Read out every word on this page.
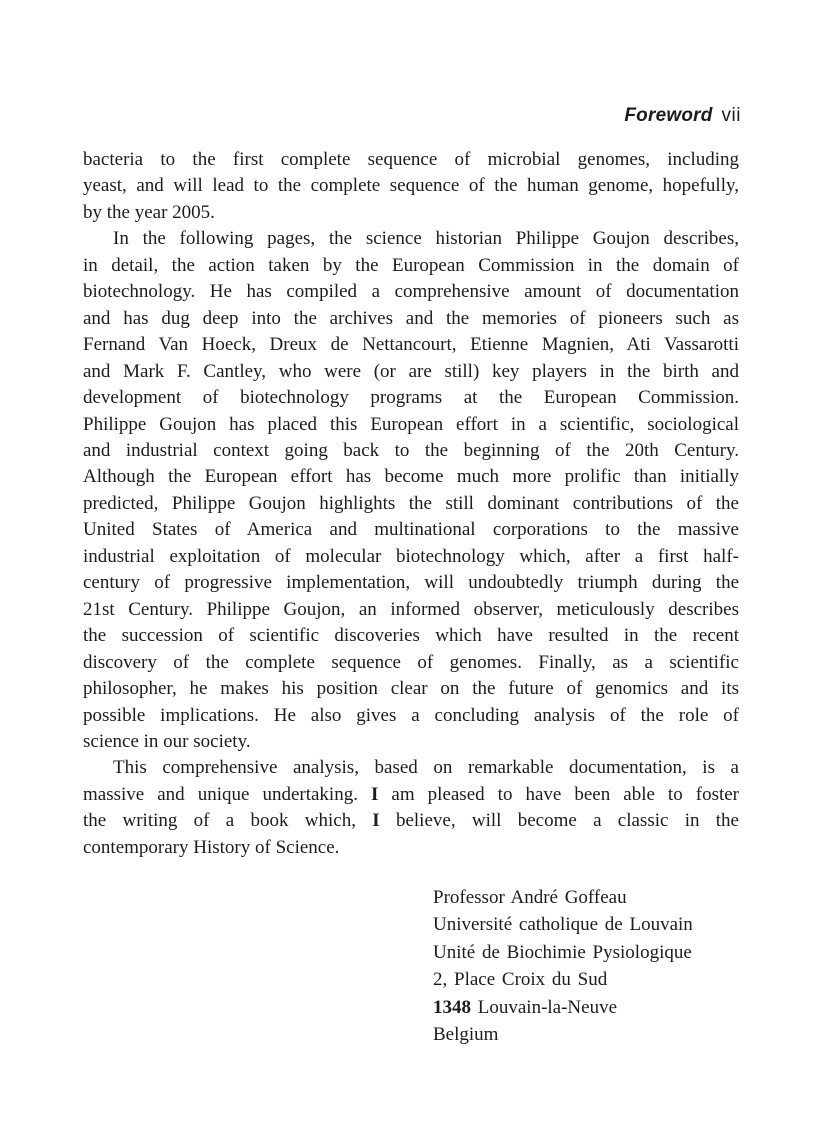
Foreword vii
bacteria to the first complete sequence of microbial genomes, including
yeast, and will lead to the complete sequence of the human genome, hopefully,
by the year 2005.
In the following pages, the science historian Philippe Goujon describes,
in detail, the action taken by the European Commission in the domain of
biotechnology. He has compiled a comprehensive amount of documentation
and has dug deep into the archives and the memories of pioneers such as
Fernand Van Hoeck, Dreux de Nettancourt, Etienne Magnien, Ati Vassarotti
and Mark F. Cantley, who were (or are still) key players in the birth and
development of biotechnology programs at the European Commission.
Philippe Goujon has placed this European effort in a scientific, sociological
and industrial context going back to the beginning of the 20th Century.
Although the European effort has become much more prolific than initially
predicted, Philippe Goujon highlights the still dominant contributions of the
United States of America and multinational corporations to the massive
industrial exploitation of molecular biotechnology which, after a first half-
century of progressive implementation, will undoubtedly triumph during the
21st Century. Philippe Goujon, an informed observer, meticulously describes
the succession of scientific discoveries which have resulted in the recent
discovery of the complete sequence of genomes. Finally, as a scientific
philosopher, he makes his position clear on the future of genomics and its
possible implications. He also gives a concluding analysis of the role of
science in our society.
This comprehensive analysis, based on remarkable documentation, is a
massive and unique undertaking. I am pleased to have been able to foster
the writing of a book which, I believe, will become a classic in the
contemporary History of Science.
Professor André Goffeau
Université catholique de Louvain
Unité de Biochimie Pysiologique
2, Place Croix du Sud
1348 Louvain-la-Neuve
Belgium
